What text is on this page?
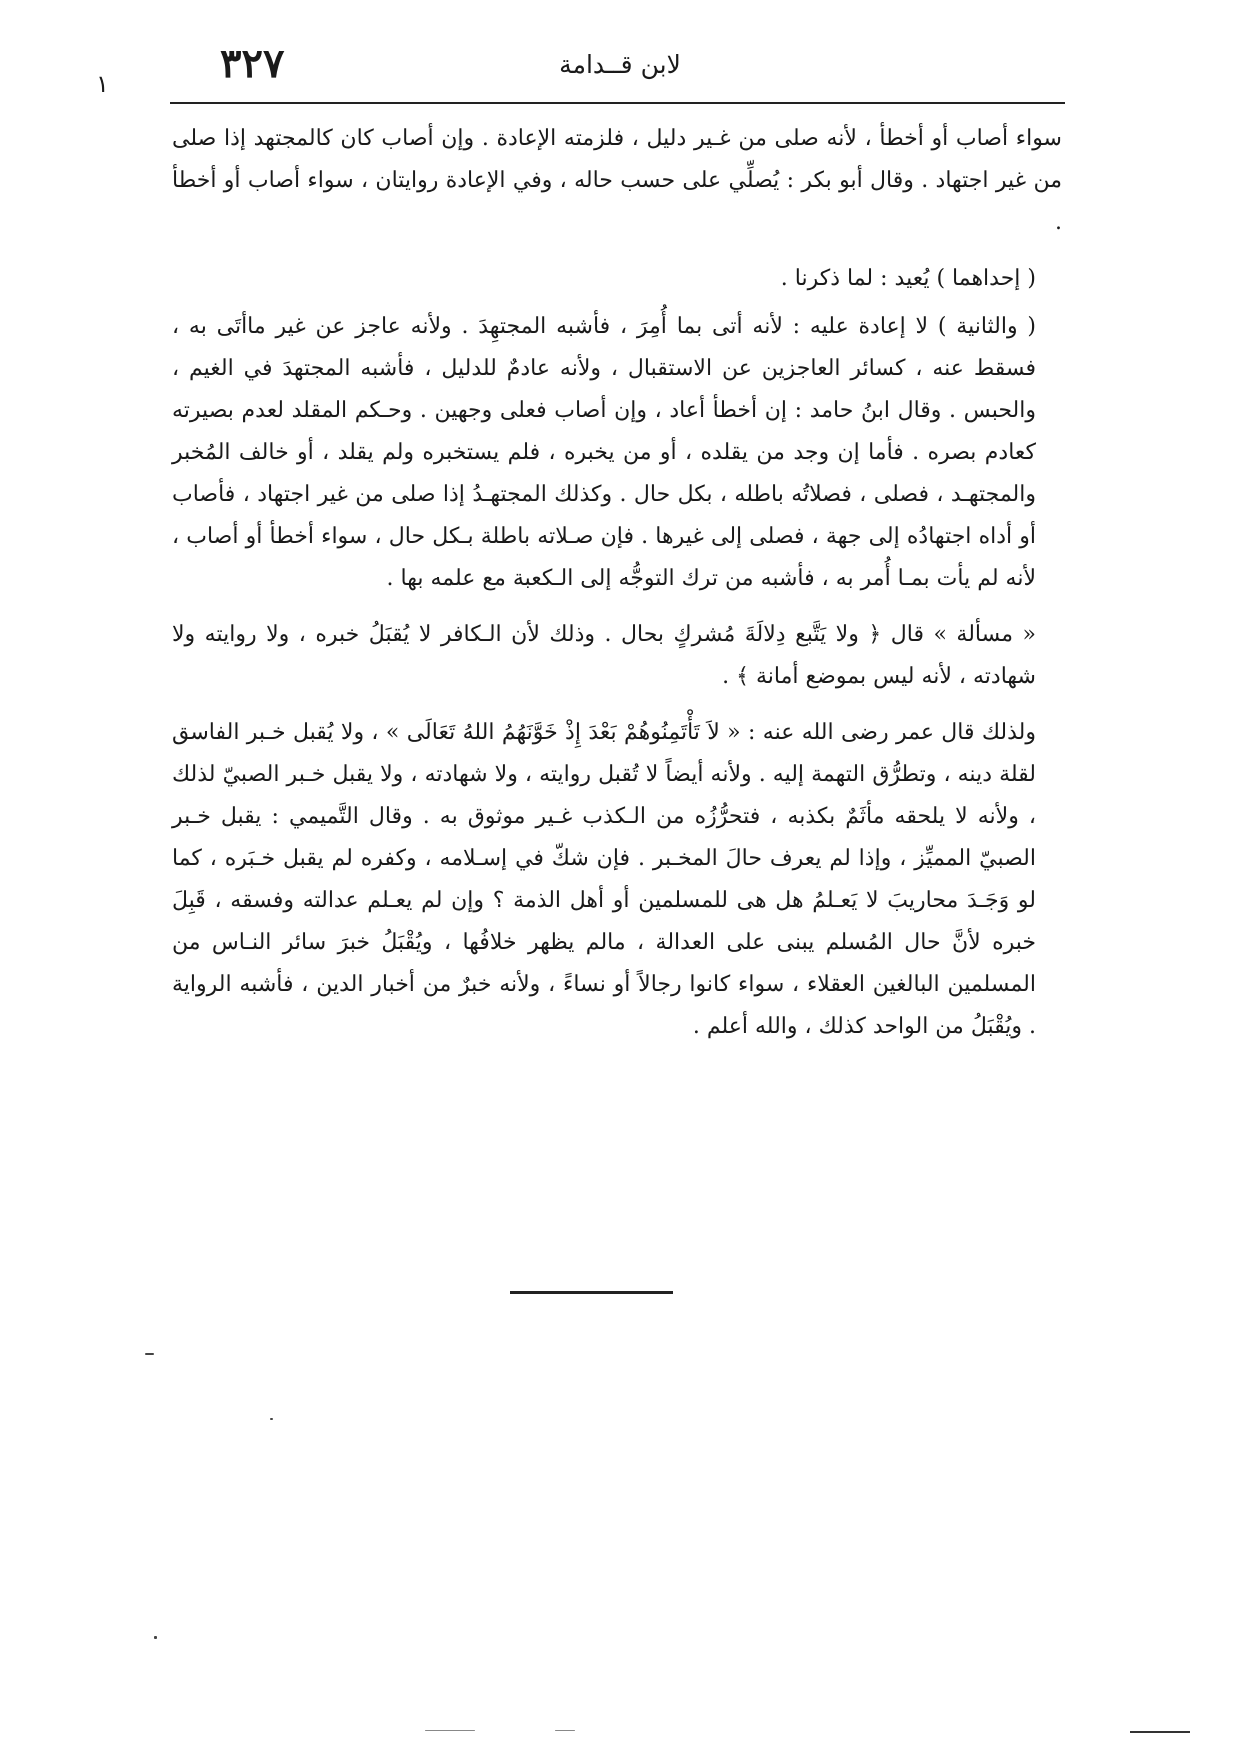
٣٢٧	لابن قــدامة
١

سواء أصاب أو أخطأ ، لأنه صلى من غـير دليل ، فلزمته الإعادة . وإن أصاب كان كالمجتهد إذا صلى من غير اجتهاد . وقال أبو بكر : يُصلِّي على حسب حاله ، وفي الإعادة روايتان ، سواء أصاب أو أخطأ .

( إحداهما ) يُعيد : لما ذكرنا .

( والثانية ) لا إعادة عليه : لأنه أتى بما أُمِرَ ، فأشبه المجتهِدَ . ولأنه عاجز عن غير ماأتَى به ، فسقط عنه ، كسائر العاجزين عن الاستقبال ، ولأنه عادمٌ للدليل ، فأشبه المجتهدَ في الغيم ، والحبس . وقال ابنُ حامد : إن أخطأ أعاد ، وإن أصاب فعلى وجهين . وحـكم المقلد لعدم بصيرته كعادم بصره . فأما إن وجد من يقلده ، أو من يخبره ، فلم يستخبره ولم يقلد ، أو خالف المُخبر والمجتهـد ، فصلى ، فصلاتُه باطله ، بكل حال . وكذلك المجتهـدُ إذا صلى من غير اجتهاد ، فأصاب أو أداه اجتهادُه إلى جهة ، فصلى إلى غيرها . فإن صـلاته باطلة بـكل حال ، سواء أخطأ أو أصاب ، لأنه لم يأت بمـا أُمر به ، فأشبه من ترك التوجُّه إلى الـكعبة مع علمه بها .

« مسألة » قال ﴿ ولا يَتَّبع دِلالَةَ مُشركٍ بحال . وذلك لأن الـكافر لا يُقبَلُ خبره ، ولا روايته ولا شهادته ، لأنه ليس بموضع أمانة ﴾ .

ولذلك قال عمر رضى الله عنه : « لاَ تَأْتَمِنُوهُمْ بَعْدَ إِذْ خَوَّنَهُمُ اللهُ تَعَالَى » ، ولا يُقبل خـبر الفاسق لقلة دينه ، وتطرُّق التهمة إليه . ولأنه أيضاً لا تُقبل روايته ، ولا شهادته ، ولا يقبل خـبر الصبيّ لذلك ، ولأنه لا يلحقه مأثَمٌ بكذبه ، فتحرُّزُه من الـكذب غـير موثوق به . وقال التَّميمي : يقبل خـبر الصبيّ المميِّز ، وإذا لم يعرف حالَ المخـبر . فإن شكّ في إسـلامه ، وكفره لم يقبل خـبَره ، كما لو وَجَـدَ محاريبَ لا يَعـلمُ هل هى للمسلمين أو أهل الذمة ؟ وإن لم يعـلم عدالته وفسقه ، قَبِلَ خبره لأنَّ حال المُسلم يبنى على العدالة ، مالم يظهر خلافُها ، ويُقْبَلُ خبرَ سائر النـاس من المسلمين البالغين العقلاء ، سواء كانوا رجالاً أو نساءً ، ولأنه خبرٌ من أخبار الدين ، فأشبه الرواية . ويُقْبَلُ من الواحد كذلك ، والله أعلم .
